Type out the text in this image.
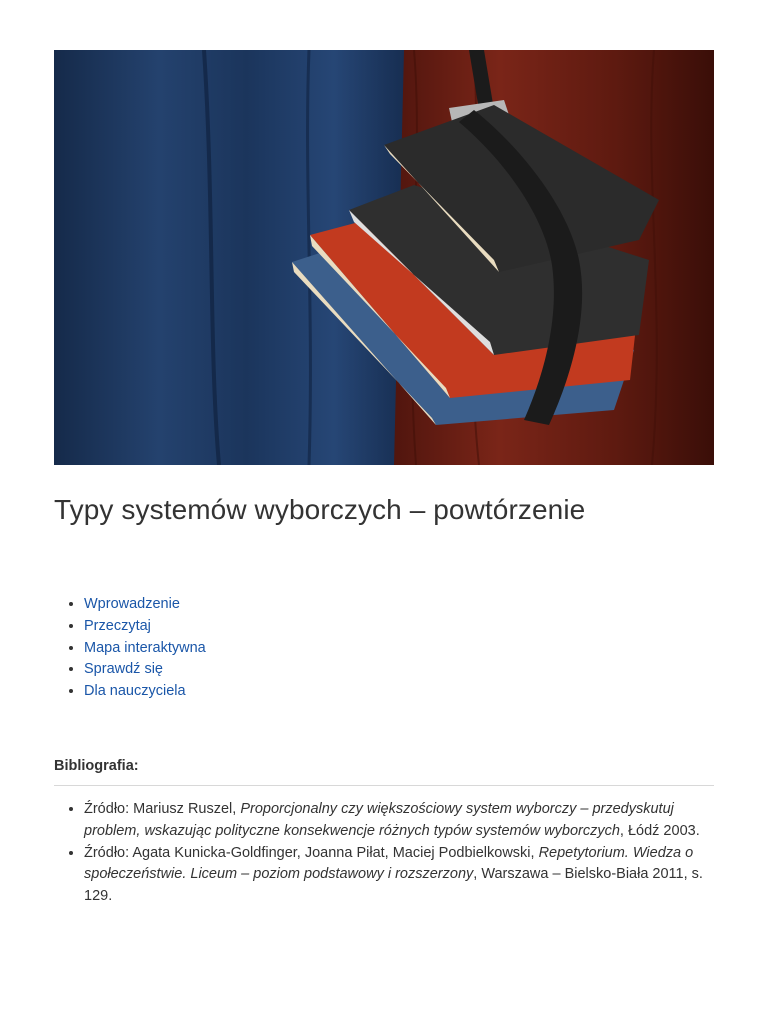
Typy systemów wyborczych – powtórzenie
• Wprowadzenie
• Przeczytaj
• Mapa interaktywna
• Sprawdź się
• Dla nauczyciela
Bibliografia:
• Źródło: Mariusz Ruszel, Proporcjonalny czy większościowy system wyborczy – przedyskutuj problem, wskazując polityczne konsekwencje różnych typów systemów wyborczych, Łódź 2003.
• Źródło: Agata Kunicka-Goldfinger, Joanna Piłat, Maciej Podbielkowski, Repetytorium. Wiedza o społeczeństwie. Liceum – poziom podstawowy i rozszerzony, Warszawa – Bielsko-Biała 2011, s. 129.
